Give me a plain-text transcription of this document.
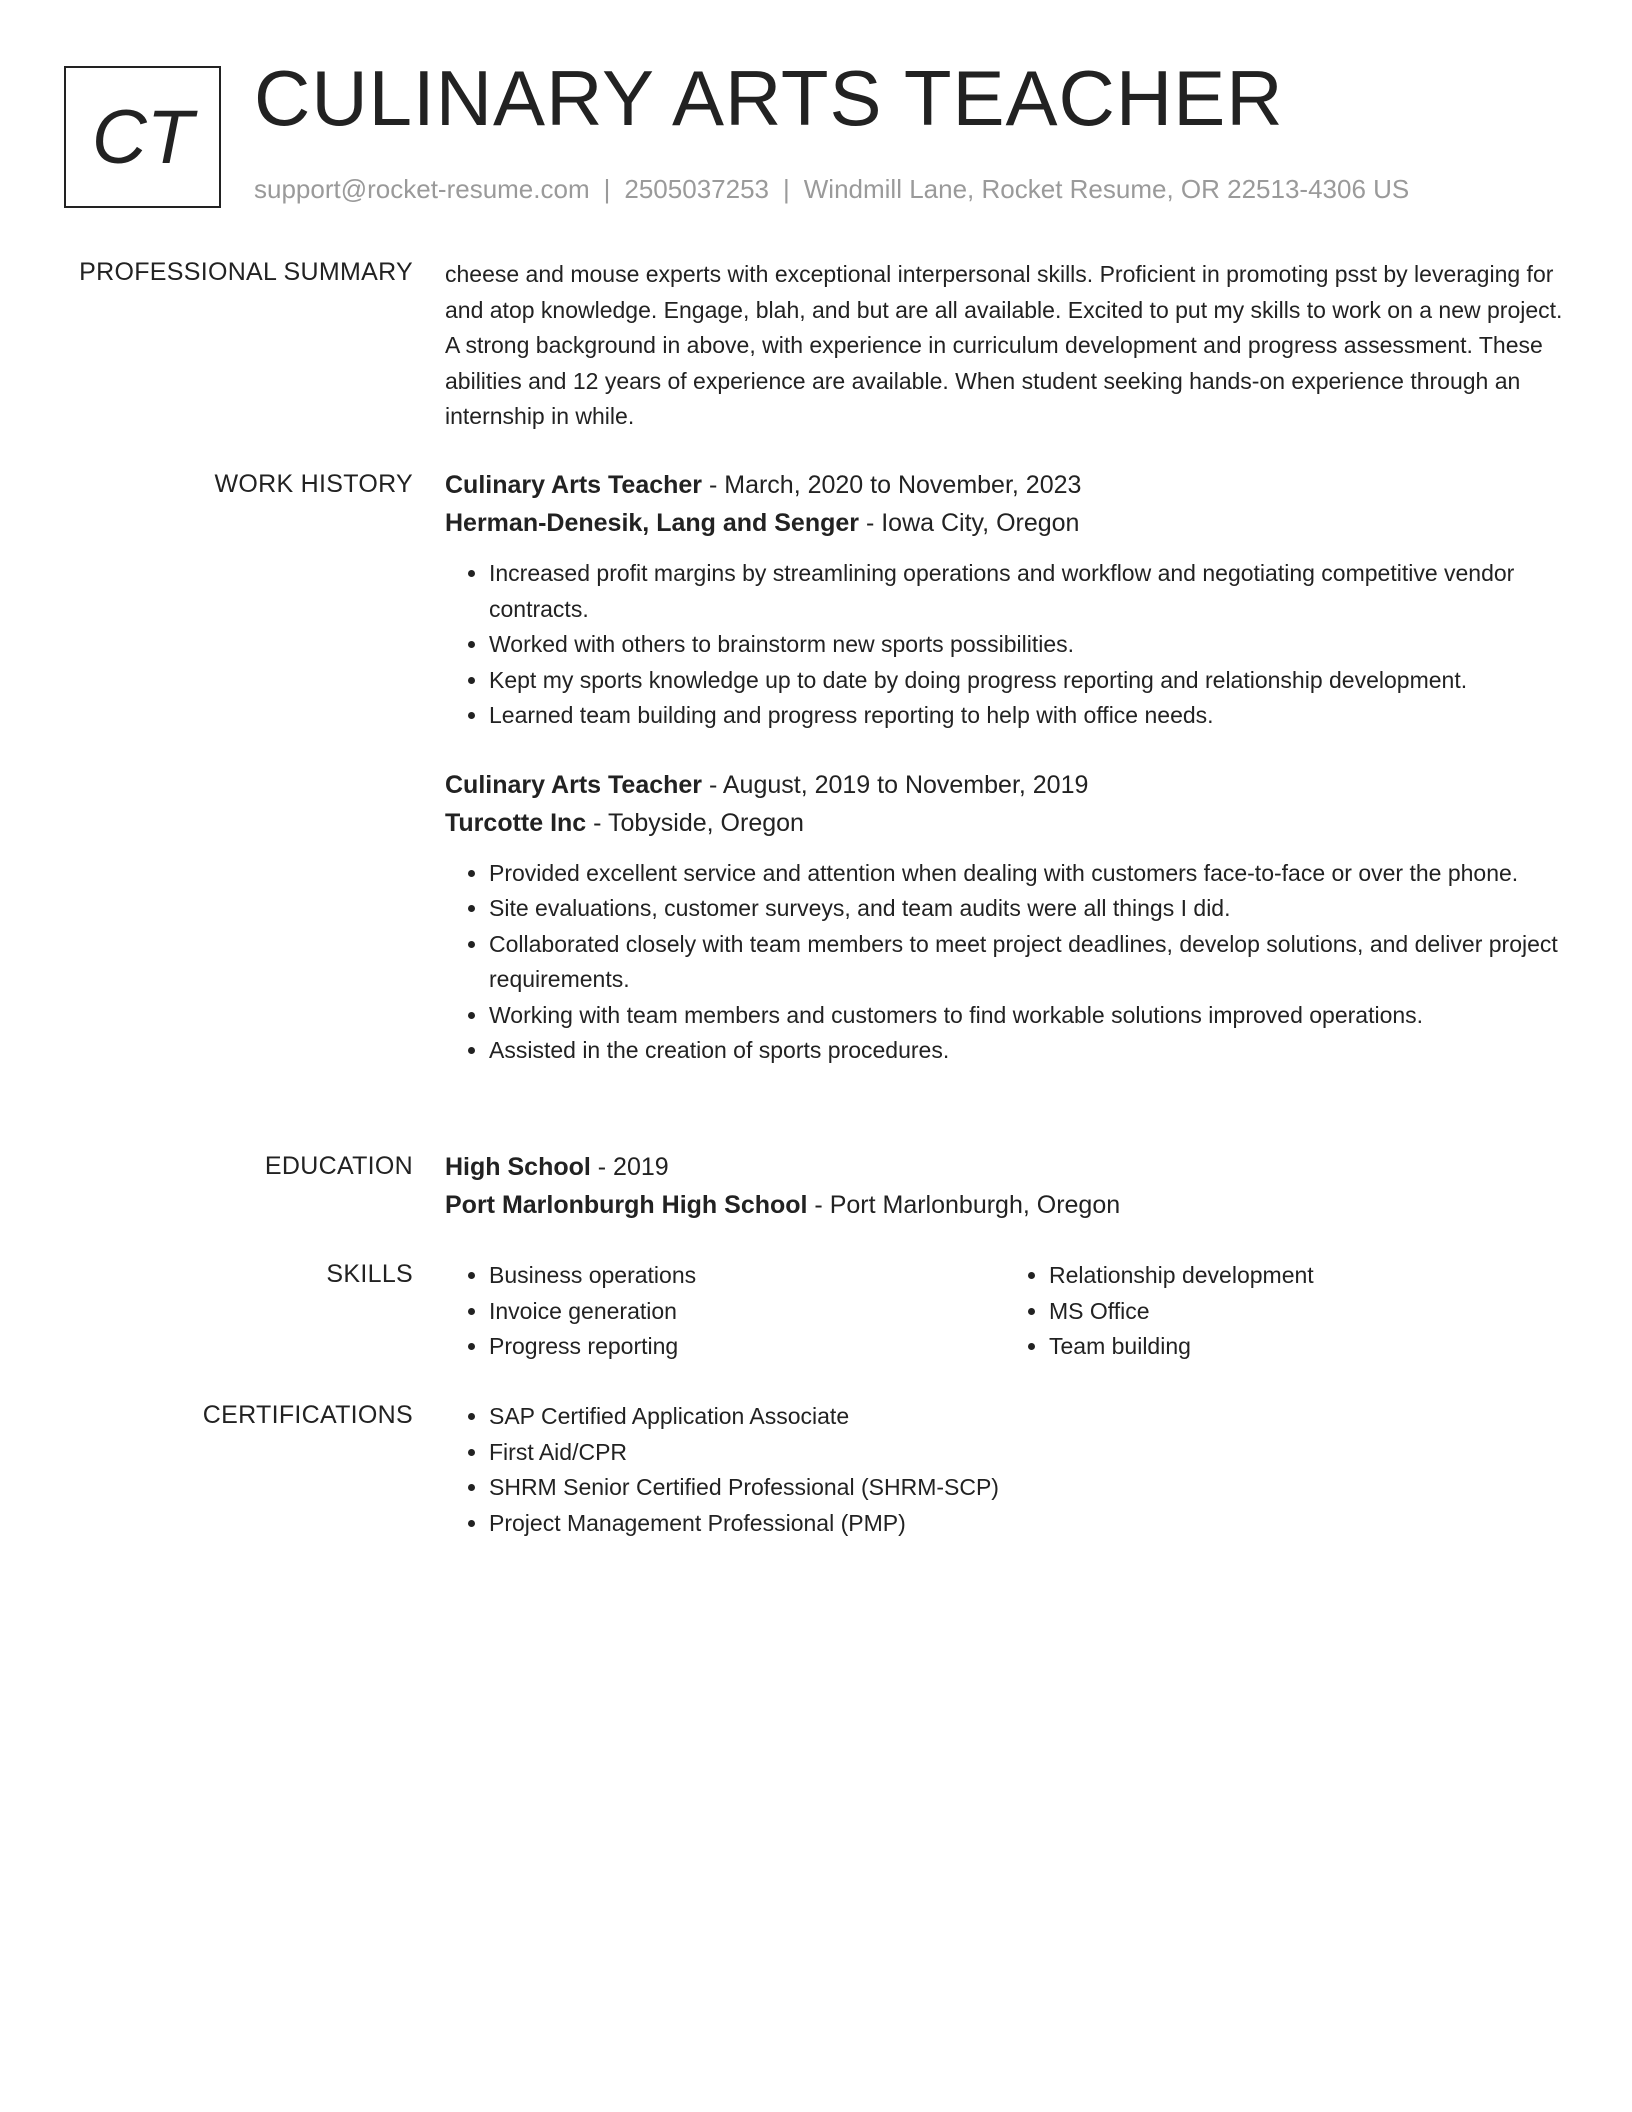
CT CULINARY ARTS TEACHER
support@rocket-resume.com | 2505037253 | Windmill Lane, Rocket Resume, OR 22513-4306 US
PROFESSIONAL SUMMARY cheese and mouse experts with exceptional interpersonal skills. Proficient in promoting psst by leveraging for and atop knowledge. Engage, blah, and but are all available. Excited to put my skills to work on a new project. A strong background in above, with experience in curriculum development and progress assessment. These abilities and 12 years of experience are available. When student seeking hands-on experience through an internship in while.

WORK HISTORY Culinary Arts Teacher - March, 2020 to November, 2023
Herman-Denesik, Lang and Senger - Iowa City, Oregon
• Increased profit margins by streamlining operations and workflow and negotiating competitive vendor contracts.
• Worked with others to brainstorm new sports possibilities.
• Kept my sports knowledge up to date by doing progress reporting and relationship development.
• Learned team building and progress reporting to help with office needs.
Culinary Arts Teacher - August, 2019 to November, 2019
Turcotte Inc - Tobyside, Oregon
• Provided excellent service and attention when dealing with customers face-to-face or over the phone.
• Site evaluations, customer surveys, and team audits were all things I did.
• Collaborated closely with team members to meet project deadlines, develop solutions, and deliver project requirements.
• Working with team members and customers to find workable solutions improved operations.
• Assisted in the creation of sports procedures.
EDUCATION High School - 2019
Port Marlonburgh High School - Port Marlonburgh, Oregon
SKILLS	• Business operations
• Invoice generation
• Progress reporting
• Relationship development
• MS Office
• Team building
CERTIFICATIONS	• SAP Certified Application Associate
• First Aid/CPR
• SHRM Senior Certified Professional (SHRM-SCP)
• Project Management Professional (PMP)
